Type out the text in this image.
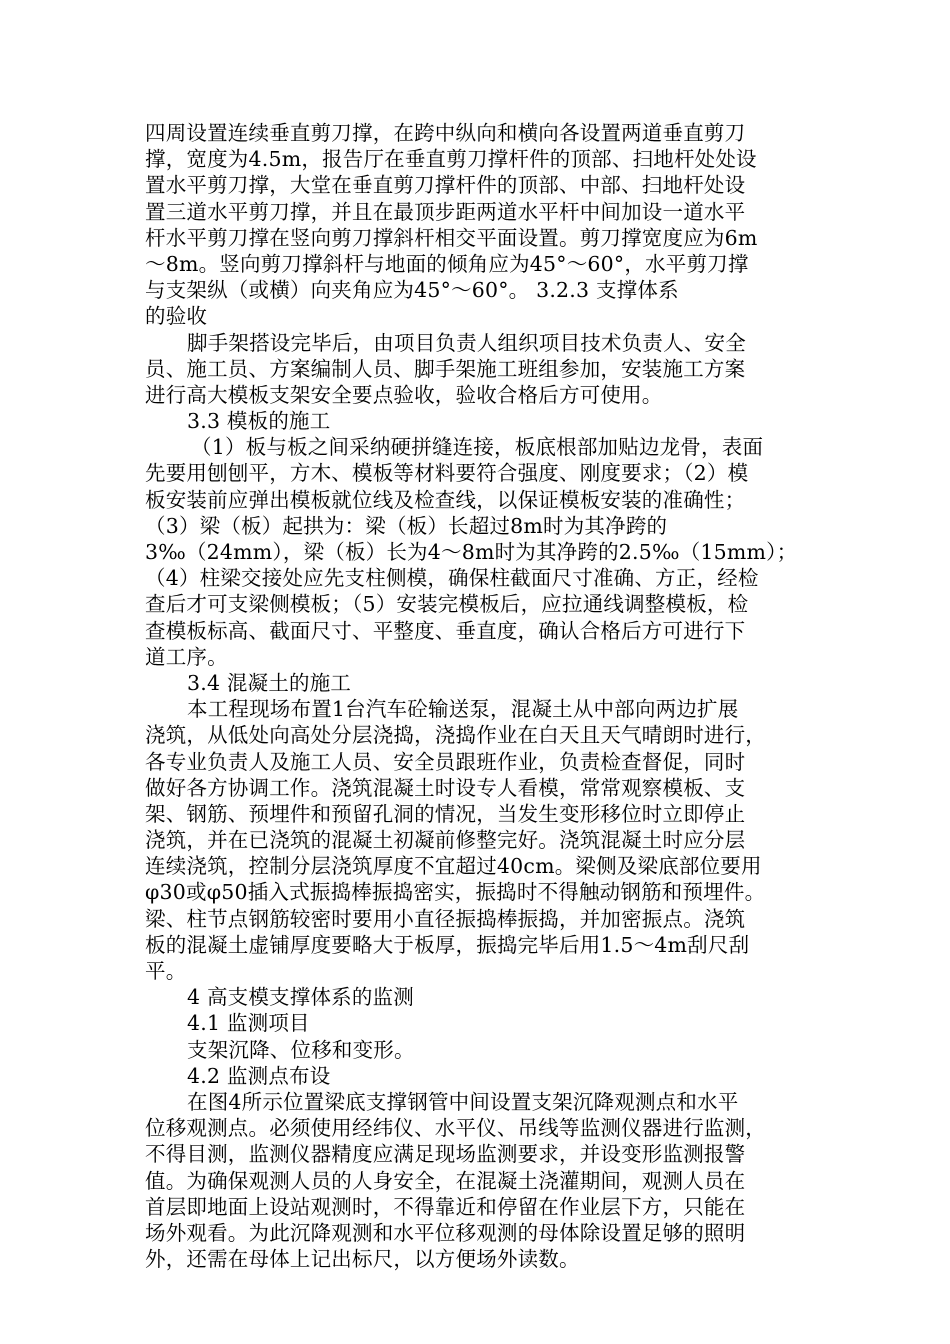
四周设置连续垂直剪刀撑，在跨中纵向和横向各设置两道垂直剪刀
撑，宽度为4.5m，报告厅在垂直剪刀撑杆件的顶部、扫地杆处处设
置水平剪刀撑，大堂在垂直剪刀撑杆件的顶部、中部、扫地杆处设
置三道水平剪刀撑，并且在最顶步距两道水平杆中间加设一道水平
杆水平剪刀撑在竖向剪刀撑斜杆相交平面设置。剪刀撑宽度应为6m
～8m。竖向剪刀撑斜杆与地面的倾角应为45°～60°，水平剪刀撑
与支架纵（或横）向夹角应为45°～60°。 3.2.3 支撑体系
的验收
脚手架搭设完毕后，由项目负责人组织项目技术负责人、安全
员、施工员、方案编制人员、脚手架施工班组参加，安装施工方案
进行高大模板支架安全要点验收，验收合格后方可使用。
3.3 模板的施工
（1）板与板之间采纳硬拼缝连接，板底根部加贴边龙骨，表面
先要用刨刨平，方木、模板等材料要符合强度、刚度要求；（2）模
板安装前应弹出模板就位线及检查线，以保证模板安装的准确性；
（3）梁（板）起拱为：梁（板）长超过8m时为其净跨的
3‰（24mm），梁（板）长为4～8m时为其净跨的2.5‰（15mm）；
（4）柱梁交接处应先支柱侧模，确保柱截面尺寸准确、方正，经检
查后才可支梁侧模板；（5）安装完模板后，应拉通线调整模板，检
查模板标高、截面尺寸、平整度、垂直度，确认合格后方可进行下
道工序。
3.4 混凝土的施工
本工程现场布置1台汽车砼输送泵，混凝土从中部向两边扩展
浇筑，从低处向高处分层浇捣，浇捣作业在白天且天气晴朗时进行，
各专业负责人及施工人员、安全员跟班作业，负责检查督促，同时
做好各方协调工作。浇筑混凝土时设专人看模，常常观察模板、支
架、钢筋、预埋件和预留孔洞的情况，当发生变形移位时立即停止
浇筑，并在已浇筑的混凝土初凝前修整完好。浇筑混凝土时应分层
连续浇筑，控制分层浇筑厚度不宜超过40cm。梁侧及梁底部位要用
φ30或φ50插入式振捣棒振捣密实，振捣时不得触动钢筋和预埋件。
梁、柱节点钢筋较密时要用小直径振捣棒振捣，并加密振点。浇筑
板的混凝土虚铺厚度要略大于板厚，振捣完毕后用1.5～4m刮尺刮
平。
4 高支模支撑体系的监测
4.1 监测项目
支架沉降、位移和变形。
4.2 监测点布设
在图4所示位置梁底支撑钢管中间设置支架沉降观测点和水平
位移观测点。必须使用经纬仪、水平仪、吊线等监测仪器进行监测，
不得目测，监测仪器精度应满足现场监测要求，并设变形监测报警
值。为确保观测人员的人身安全，在混凝土浇灌期间，观测人员在
首层即地面上设站观测时，不得靠近和停留在作业层下方，只能在
场外观看。为此沉降观测和水平位移观测的母体除设置足够的照明
外，还需在母体上记出标尺，以方便场外读数。
